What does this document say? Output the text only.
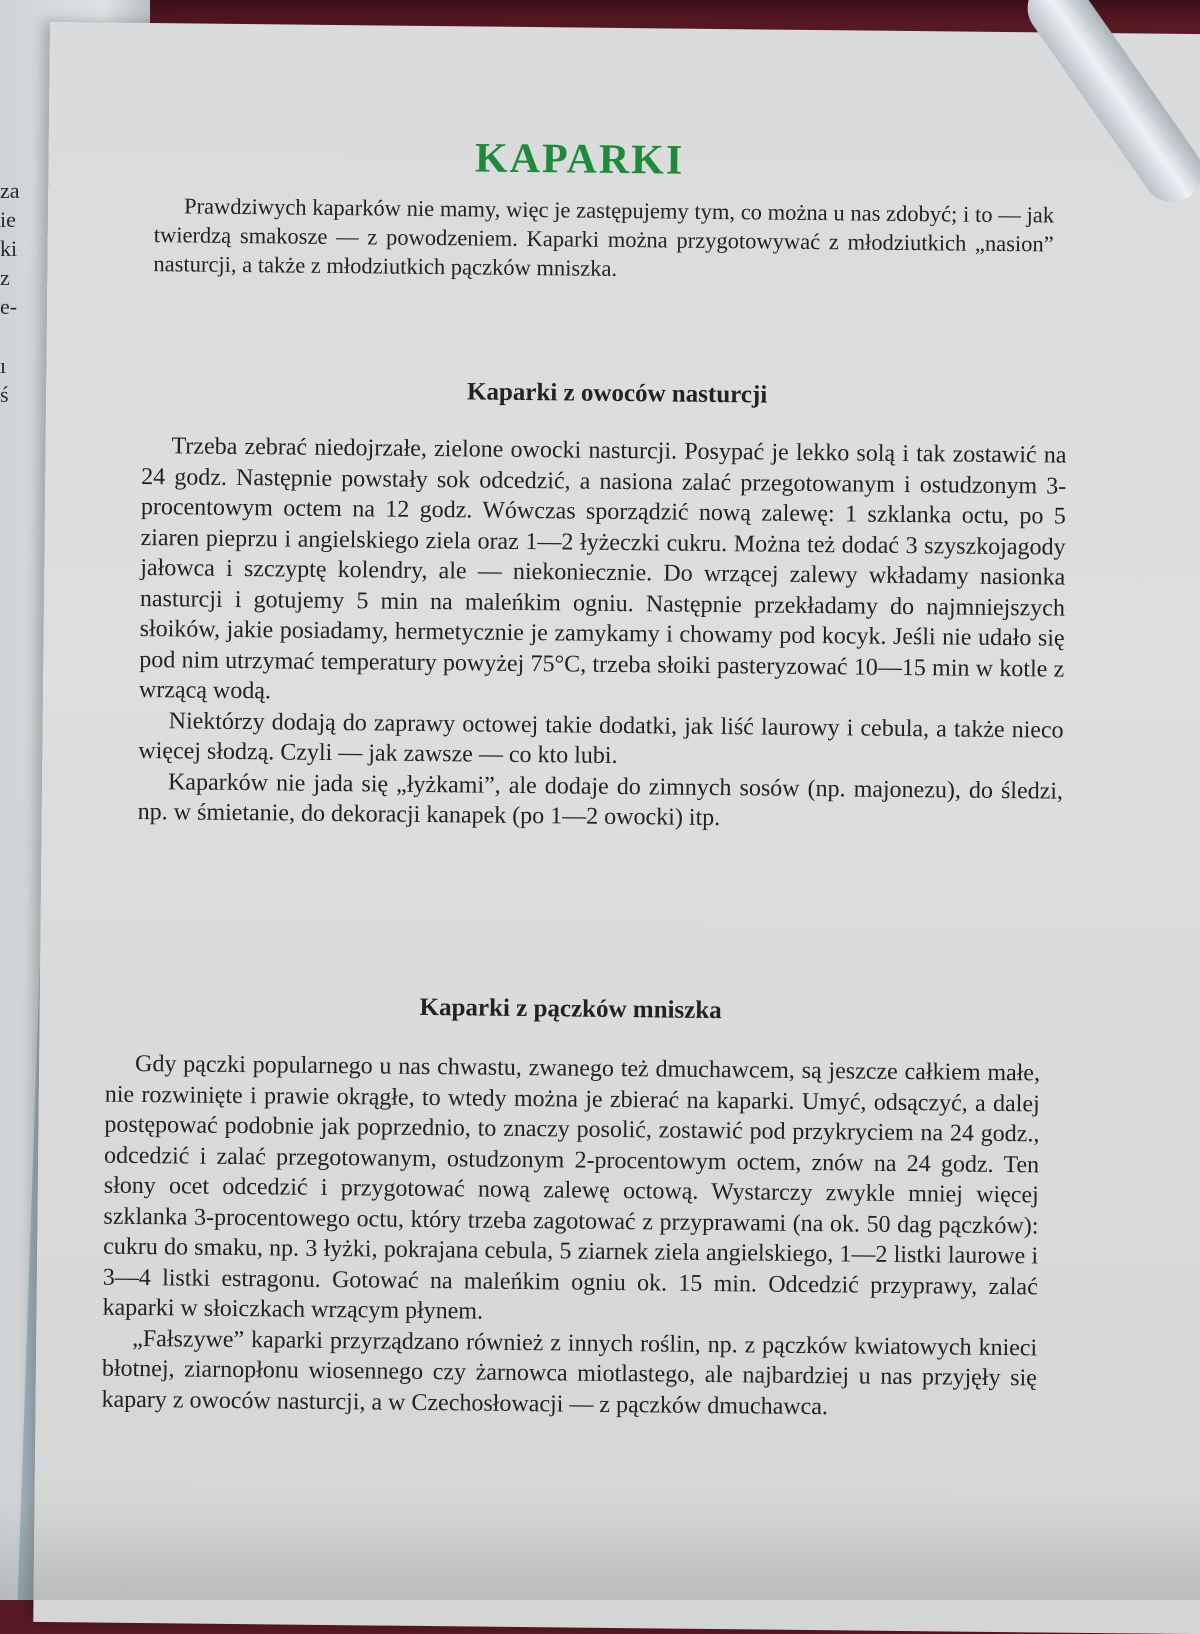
za
ie
ki
z
e-
ı
ś
KAPARKI

Prawdziwych kaparków nie mamy, więc je zastępujemy tym, co można u nas zdobyć; i to — jak twierdzą smakosze — z powodzeniem. Kaparki można przygotowywać z młodziutkich „nasion” nasturcji, a także z młodziutkich pączków mniszka.

Kaparki z owoców nasturcji

Trzeba zebrać niedojrzałe, zielone owocki nasturcji. Posypać je lekko solą i tak zostawić na 24 godz. Następnie powstały sok odcedzić, a nasiona zalać przegotowanym i ostudzonym 3-procentowym octem na 12 godz. Wówczas sporządzić nową zalewę: 1 szklanka octu, po 5 ziaren pieprzu i angielskiego ziela oraz 1—2 łyżeczki cukru. Można też dodać 3 szyszkojagody jałowca i szczyptę kolendry, ale — niekoniecznie. Do wrzącej zalewy wkładamy nasionka nasturcji i gotujemy 5 min na maleńkim ogniu. Następnie przekładamy do najmniejszych słoików, jakie posiadamy, hermetycznie je zamykamy i chowamy pod kocyk. Jeśli nie udało się pod nim utrzymać temperatury powyżej 75°C, trzeba słoiki pasteryzować 10—15 min w kotle z wrzącą wodą.

Niektórzy dodają do zaprawy octowej takie dodatki, jak liść laurowy i cebula, a także nieco więcej słodzą. Czyli — jak zawsze — co kto lubi.

Kaparków nie jada się „łyżkami”, ale dodaje do zimnych sosów (np. majonezu), do śledzi, np. w śmietanie, do dekoracji kanapek (po 1—2 owocki) itp.

Kaparki z pączków mniszka

Gdy pączki popularnego u nas chwastu, zwanego też dmuchawcem, są jeszcze całkiem małe, nie rozwinięte i prawie okrągłe, to wtedy można je zbierać na kaparki. Umyć, odsączyć, a dalej postępować podobnie jak poprzednio, to znaczy posolić, zostawić pod przykryciem na 24 godz., odcedzić i zalać przegotowanym, ostudzonym 2-procentowym octem, znów na 24 godz. Ten słony ocet odcedzić i przygotować nową zalewę octową. Wystarczy zwykle mniej więcej szklanka 3-procentowego octu, który trzeba zagotować z przyprawami (na ok. 50 dag pączków): cukru do smaku, np. 3 łyżki, pokrajana cebula, 5 ziarnek ziela angielskiego, 1—2 listki laurowe i 3—4 listki estragonu. Gotować na maleńkim ogniu ok. 15 min. Odcedzić przyprawy, zalać kaparki w słoiczkach wrzącym płynem.

„Fałszywe” kaparki przyrządzano również z innych roślin, np. z pączków kwiatowych knieci błotnej, ziarnopłonu wiosennego czy żarnowca miotlastego, ale najbardziej u nas przyjęły się kapary z owoców nasturcji, a w Czechosłowacji — z pączków dmuchawca.
